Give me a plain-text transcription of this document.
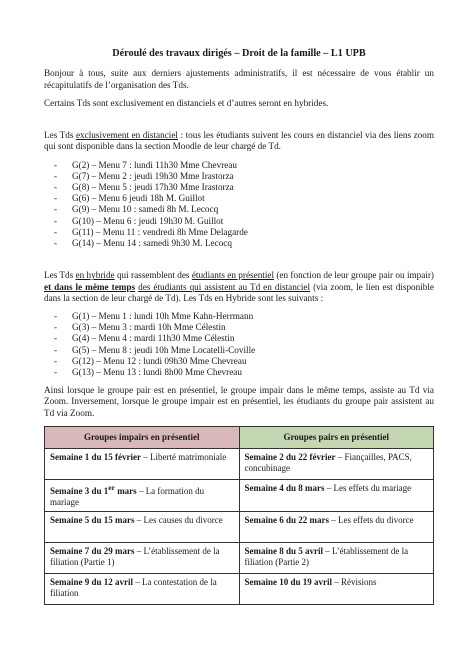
Déroulé des travaux dirigés – Droit de la famille – L1 UPB

Bonjour à tous, suite aux derniers ajustements administratifs, il est nécessaire de vous établir un récapitulatifs de l’organisation des Tds.

Certains Tds sont exclusivement en distanciels et d’autres seront en hybrides.

Les Tds exclusivement en distanciel : tous les étudiants suivent les cours en distanciel via des liens zoom qui sont disponible dans la section Moodle de leur chargé de Td.

- G(2) – Menu 7 : lundi 11h30 Mme Chevreau
- G(7) – Menu 2 : jeudi 19h30 Mme Irastorza
- G(8) – Menu 5 : jeudi 17h30 Mme Irastorza
- G(6) – Menu 6 jeudi 18h M. Guillot
- G(9) – Menu 10 : samedi 8h M. Lecocq
- G(10) – Menu 6 : jeudi 19h30 M. Guillot
- G(11) – Menu 11 : vendredi 8h Mme Delagarde
- G(14) – Menu 14 : samedi 9h30 M. Lecocq

Les Tds en hybride qui rassemblent des étudiants en présentiel (en fonction de leur groupe pair ou impair) et dans le même temps des étudiants qui assistent au Td en distanciel (via zoom, le lien est disponible dans la section de leur chargé de Td). Les Tds en Hybride sont les suivants :

- G(1) – Menu 1 : lundi 10h Mme Kahn-Herrmann
- G(3) – Menu 3 : mardi 10h Mme Célestin
- G(4) – Menu 4 : mardi 11h30 Mme Célestin
- G(5) – Menu 8 : jeudi 10h Mme Locatelli-Coville
- G(12) – Menu 12 : lundi 09h30 Mme Chevreau
- G(13) – Menu 13 : lundi 8h00 Mme Chevreau

Ainsi lorsque le groupe pair est en présentiel, le groupe impair dans le même temps, assiste au Td via Zoom. Inversement, lorsque le groupe impair est en présentiel, les étudiants du groupe pair assistent au Td via Zoom.

Groupes impairs en présentiel	Groupes pairs en présentiel
Semaine 1 du 15 février – Liberté matrimoniale	Semaine 2 du 22 février – Fiançailles, PACS, concubinage
Semaine 3 du 1er mars – La formation du mariage	Semaine 4 du 8 mars – Les effets du mariage
Semaine 5 du 15 mars – Les causes du divorce	Semaine 6 du 22 mars – Les effets du divorce
Semaine 7 du 29 mars – L’établissement de la filiation (Partie 1)	Semaine 8 du 5 avril – L’établissement de la filiation (Partie 2)
Semaine 9 du 12 avril – La contestation de la filiation	Semaine 10 du 19 avril – Révisions
